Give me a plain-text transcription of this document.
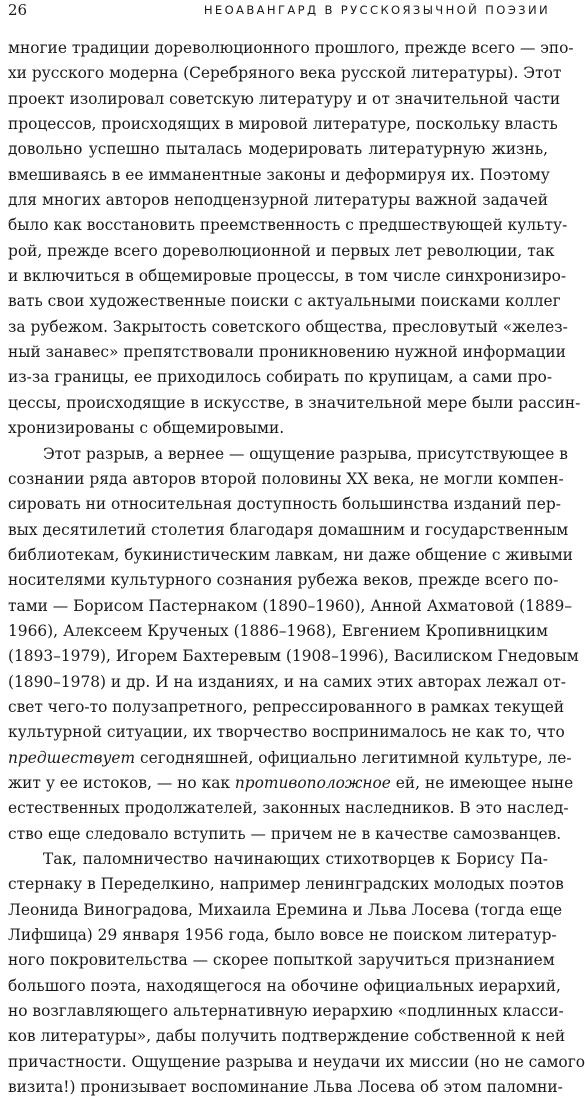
26	НЕОАВАНГАРД В РУССКОЯЗЫЧНОЙ ПОЭЗИИ
многие традиции дореволюционного прошлого, прежде всего — эпо-
хи русского модерна (Серебряного века русской литературы). Этот
проект изолировал советскую литературу и от значительной части
процессов, происходящих в мировой литературе, поскольку власть
довольно успешно пыталась модерировать литературную жизнь,
вмешиваясь в ее имманентные законы и деформируя их. Поэтому
для многих авторов неподцензурной литературы важной задачей
было как восстановить преемственность с предшествующей культу-
рой, прежде всего дореволюционной и первых лет революции, так
и включиться в общемировые процессы, в том числе синхронизиро-
вать свои художественные поиски с актуальными поисками коллег
за рубежом. Закрытость советского общества, пресловутый «желез-
ный занавес» препятствовали проникновению нужной информации
из-за границы, ее приходилось собирать по крупицам, а сами про-
цессы, происходящие в искусстве, в значительной мере были рассин-
хронизированы с общемировыми.
Этот разрыв, а вернее — ощущение разрыва, присутствующее в
сознании ряда авторов второй половины XX века, не могли компен-
сировать ни относительная доступность большинства изданий пер-
вых десятилетий столетия благодаря домашним и государственным
библиотекам, букинистическим лавкам, ни даже общение с живыми
носителями культурного сознания рубежа веков, прежде всего по-
тами — Борисом Пастернаком (1890–1960), Анной Ахматовой (1889–
1966), Алексеем Крученых (1886–1968), Евгением Кропивницким
(1893–1979), Игорем Бахтеревым (1908–1996), Василиском Гнедовым
(1890–1978) и др. И на изданиях, и на самих этих авторах лежал от-
свет чего-то полузапретного, репрессированного в рамках текущей
культурной ситуации, их творчество воспринималось не как то, что
предшествует сегодняшней, официально легитимной культуре, ле-
жит у ее истоков, — но как противоположное ей, не имеющее ныне
естественных продолжателей, законных наследников. В это наслед-
ство еще следовало вступить — причем не в качестве самозванцев.
Так, паломничество начинающих стихотворцев к Борису Па-
стернаку в Переделкино, например ленинградских молодых поэтов
Леонида Виноградова, Михаила Еремина и Льва Лосева (тогда еще
Лифшица) 29 января 1956 года, было вовсе не поиском литератур-
ного покровительства — скорее попыткой заручиться признанием
большого поэта, находящегося на обочине официальных иерархий,
но возглавляющего альтернативную иерархию «подлинных класси-
ков литературы», дабы получить подтверждение собственной к ней
причастности. Ощущение разрыва и неудачи их миссии (но не самого
визита!) пронизывает воспоминание Льва Лосева об этом паломни-
